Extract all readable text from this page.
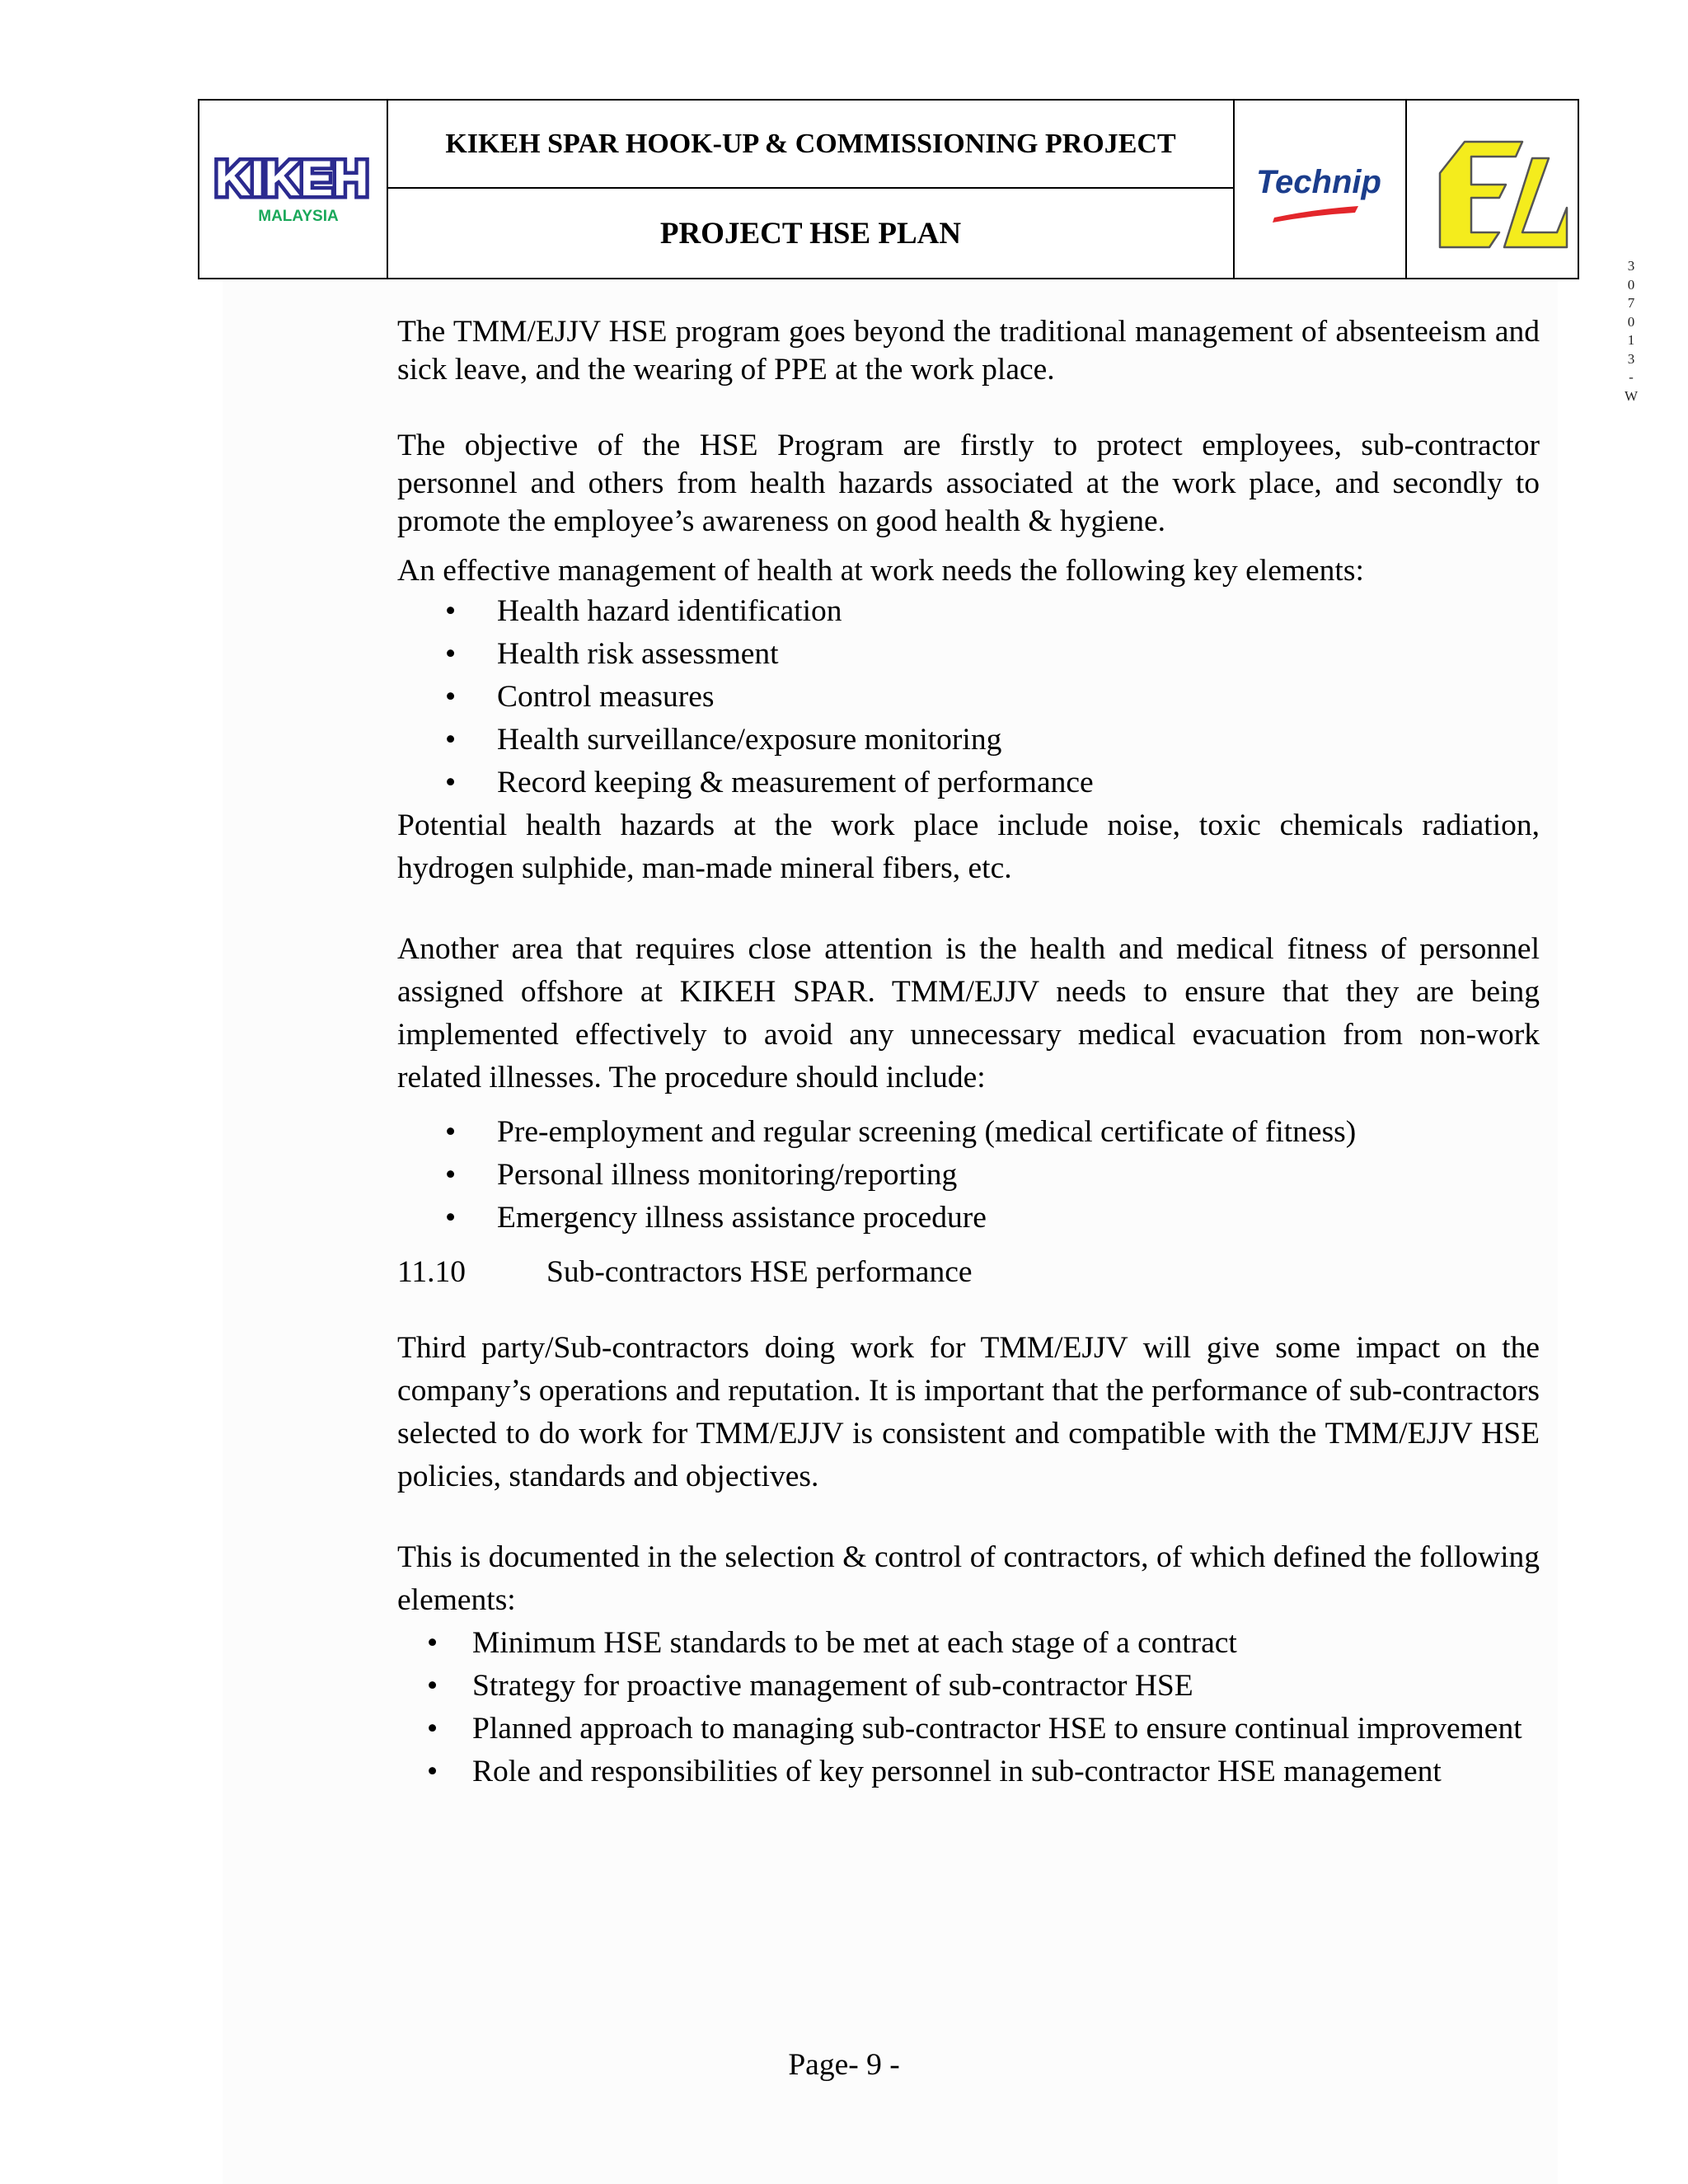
KIKEH
MALAYSIA
KIKEH SPAR HOOK-UP & COMMISSIONING PROJECT
PROJECT HSE PLAN
Technip
3
0
7
0
1
3
-
W

The TMM/EJJV HSE program goes beyond the traditional management of absenteeism and sick leave, and the wearing of PPE at the work place.

The objective of the HSE Program are firstly to protect employees, sub-contractor personnel and others from health hazards associated at the work place, and secondly to promote the employee’s awareness on good health & hygiene.

An effective management of health at work needs the following key elements:

• Health hazard identification
• Health risk assessment
• Control measures
• Health surveillance/exposure monitoring
• Record keeping & measurement of performance

Potential health hazards at the work place include noise, toxic chemicals radiation, hydrogen sulphide, man-made mineral fibers, etc.

Another area that requires close attention is the health and medical fitness of personnel assigned offshore at KIKEH SPAR. TMM/EJJV needs to ensure that they are being implemented effectively to avoid any unnecessary medical evacuation from non-work related illnesses. The procedure should include:

• Pre-employment and regular screening (medical certificate of fitness)
• Personal illness monitoring/reporting
• Emergency illness assistance procedure
11.10	Sub-contractors HSE performance

Third party/Sub-contractors doing work for TMM/EJJV will give some impact on the company’s operations and reputation. It is important that the performance of sub-contractors selected to do work for TMM/EJJV is consistent and compatible with the TMM/EJJV HSE policies, standards and objectives.

This is documented in the selection & control of contractors, of which defined the following elements:

• Minimum HSE standards to be met at each stage of a contract
• Strategy for proactive management of sub-contractor HSE
• Planned approach to managing sub-contractor HSE to ensure continual improvement
• Role and responsibilities of key personnel in sub-contractor HSE management
Page- 9 -
